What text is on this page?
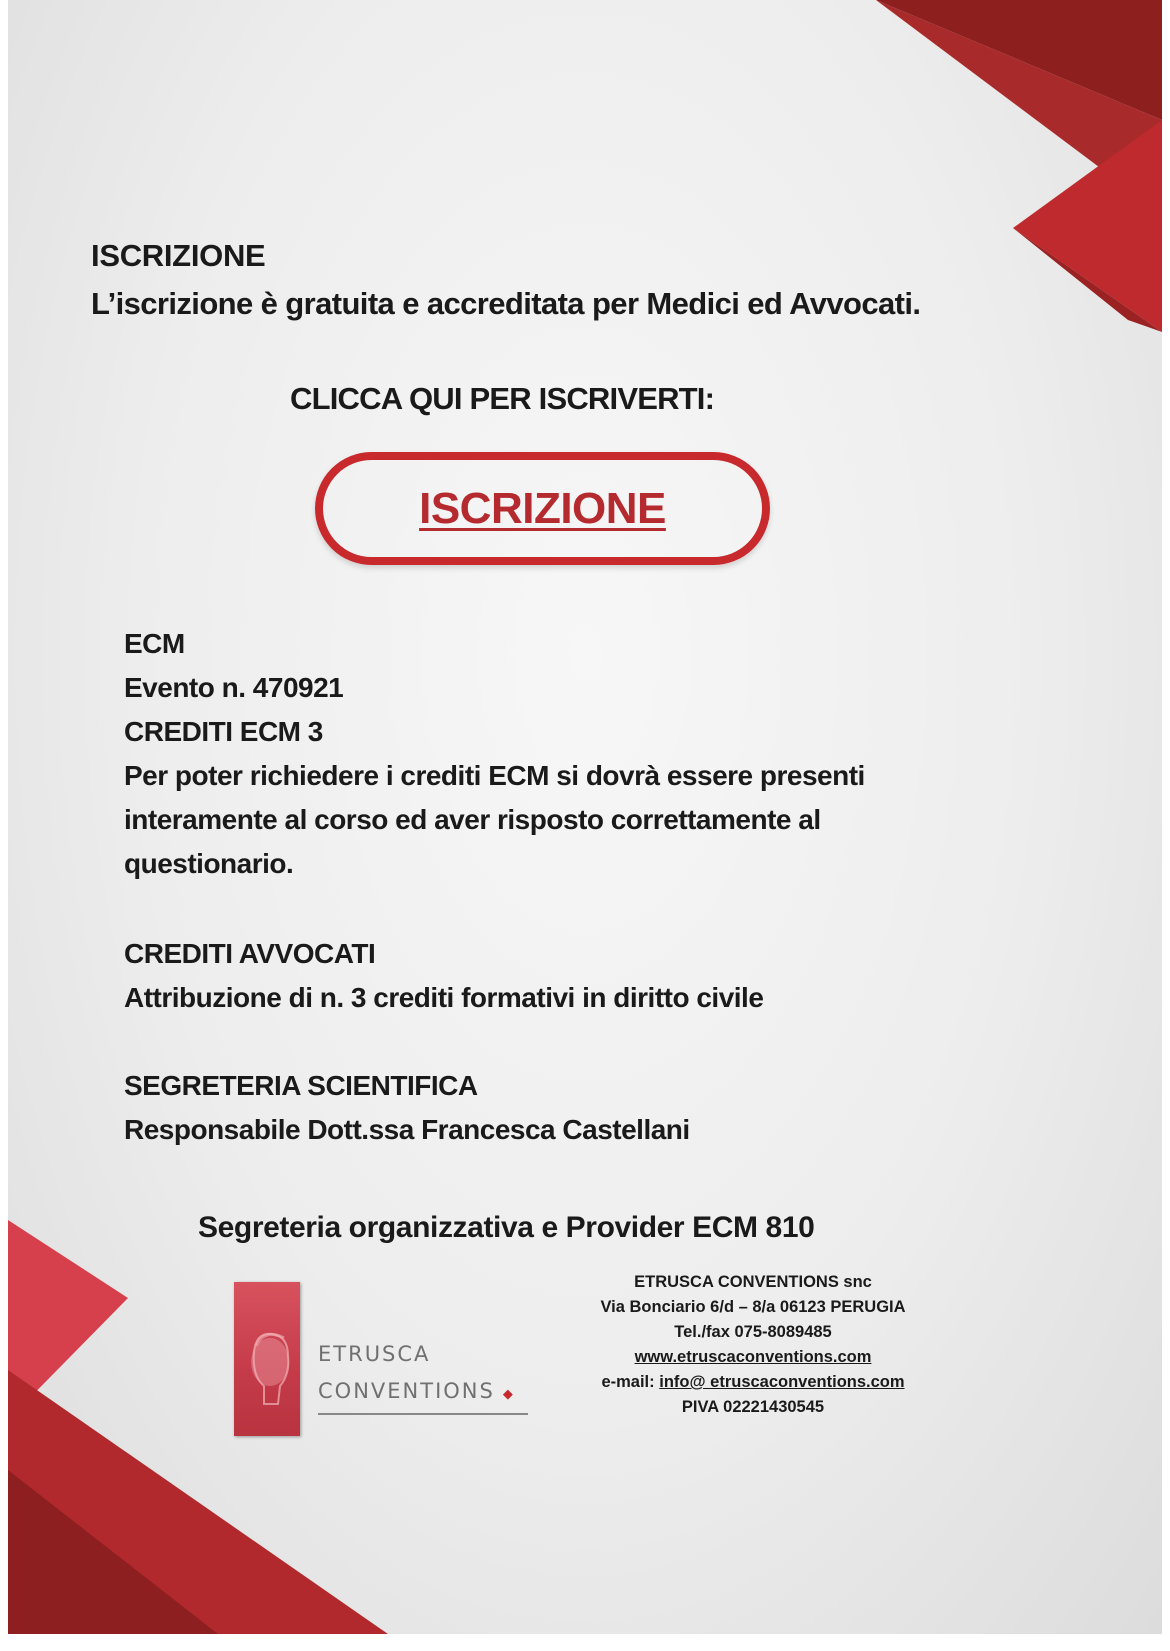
ISCRIZIONE

L’iscrizione è gratuita e accreditata per Medici ed Avvocati.

CLICCA QUI PER ISCRIVERTI:

ISCRIZIONE

ECM

Evento n. 470921

CREDITI ECM 3

Per poter richiedere i crediti ECM si dovrà essere presenti

interamente al corso ed aver risposto correttamente al

questionario.

CREDITI AVVOCATI

Attribuzione di n. 3 crediti formativi in diritto civile

SEGRETERIA SCIENTIFICA

Responsabile Dott.ssa Francesca Castellani

Segreteria organizzativa e Provider ECM 810

ETRUSCA

CONVENTIONS ◆

ETRUSCA CONVENTIONS snc
Via Bonciario 6/d – 8/a 06123 PERUGIA
Tel./fax 075-8089485
www.etruscaconventions.com
e-mail: info@ etruscaconventions.com
PIVA 02221430545
